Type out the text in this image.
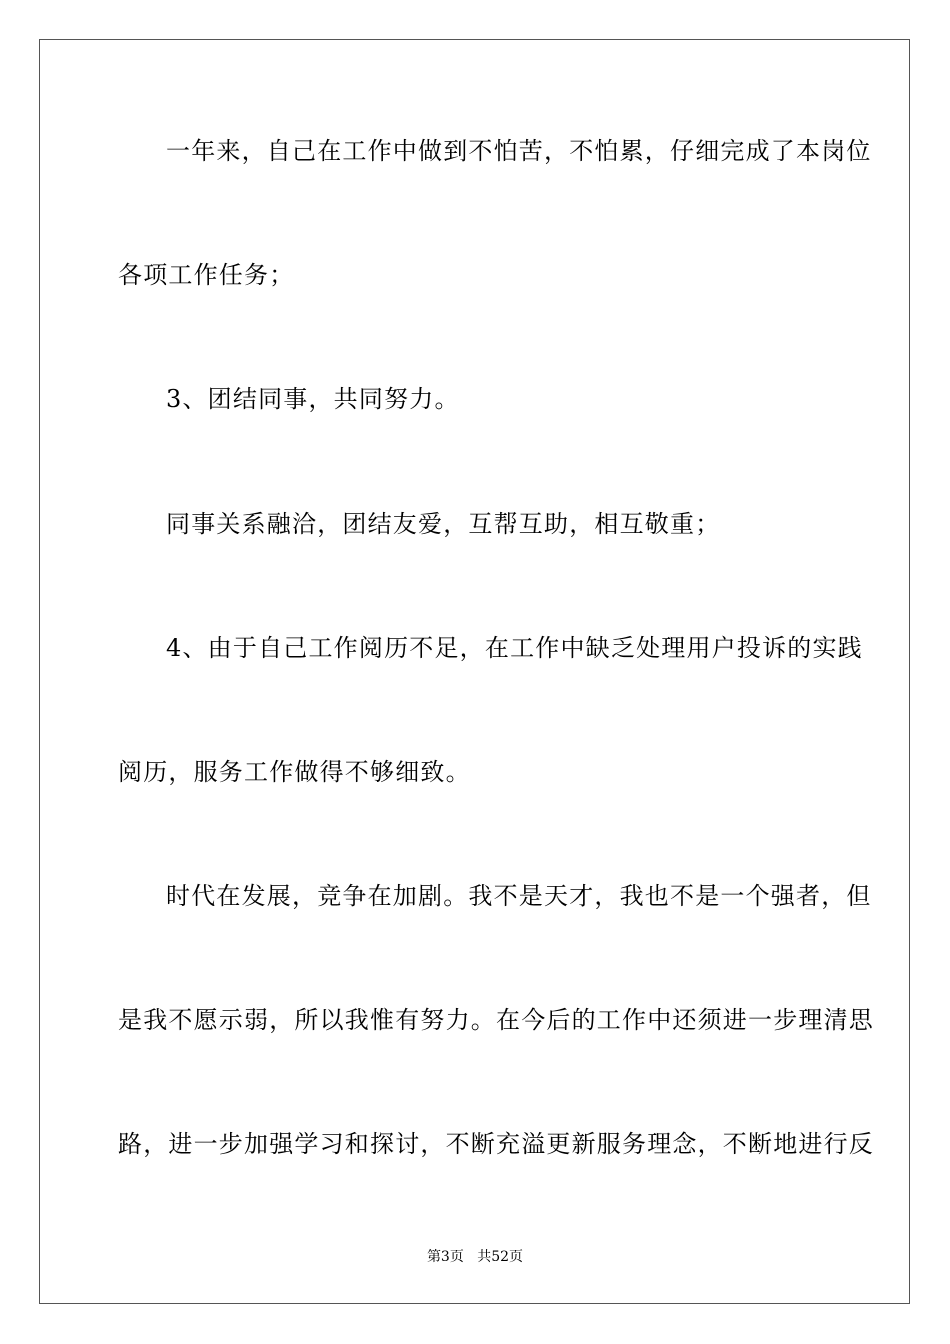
一年来，自己在工作中做到不怕苦，不怕累，仔细完成了本岗位

各项工作任务；

3、团结同事，共同努力。

同事关系融洽，团结友爱，互帮互助，相互敬重；

4、由于自己工作阅历不足，在工作中缺乏处理用户投诉的实践

阅历，服务工作做得不够细致。

时代在发展，竞争在加剧。我不是天才，我也不是一个强者，但

是我不愿示弱，所以我惟有努力。在今后的工作中还须进一步理清思

路，进一步加强学习和探讨，不断充溢更新服务理念，不断地进行反

第3页 共52页
